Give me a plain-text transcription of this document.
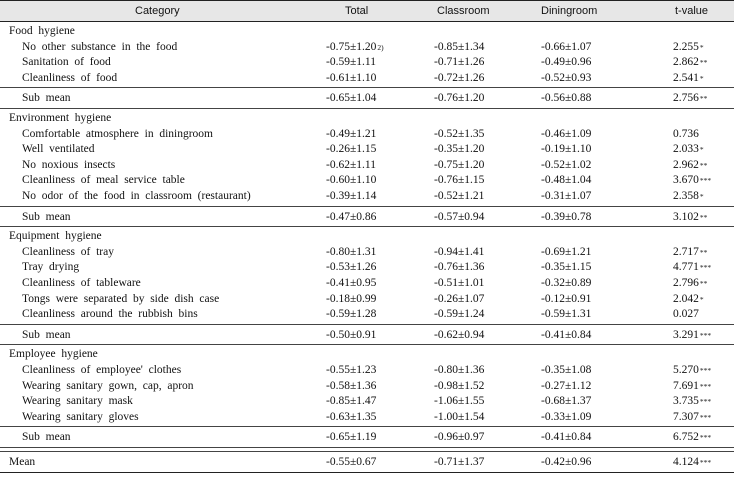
Category	Total	Classroom	Diningroom	t-value
Food  hygiene
No  other  substance  in  the  food	-0.75±1.20 2)	-0.85±1.34	-0.66±1.07	2.255 *
Sanitation  of  food	-0.59±1.11	-0.71±1.26	-0.49±0.96	2.862 **
Cleanliness  of  food	-0.61±1.10	-0.72±1.26	-0.52±0.93	2.541 *
Sub  mean	-0.65±1.04	-0.76±1.20	-0.56±0.88	2.756 **
Environment  hygiene
Comfortable  atmosphere  in  diningroom	-0.49±1.21	-0.52±1.35	-0.46±1.09	0.736
Well  ventilated	-0.26±1.15	-0.35±1.20	-0.19±1.10	2.033 *
No  noxious  insects	-0.62±1.11	-0.75±1.20	-0.52±1.02	2.962 **
Cleanliness  of  meal  service  table	-0.60±1.10	-0.76±1.15	-0.48±1.04	3.670 ***
No  odor  of  the  food  in  classroom  (restaurant)	-0.39±1.14	-0.52±1.21	-0.31±1.07	2.358 *
Sub  mean	-0.47±0.86	-0.57±0.94	-0.39±0.78	3.102 **
Equipment  hygiene
Cleanliness  of  tray	-0.80±1.31	-0.94±1.41	-0.69±1.21	2.717 **
Tray  drying	-0.53±1.26	-0.76±1.36	-0.35±1.15	4.771 ***
Cleanliness  of  tableware	-0.41±0.95	-0.51±1.01	-0.32±0.89	2.796 **
Tongs  were  separated  by  side  dish  case	-0.18±0.99	-0.26±1.07	-0.12±0.91	2.042 *
Cleanliness  around  the  rubbish  bins	-0.59±1.28	-0.59±1.24	-0.59±1.31	0.027
Sub  mean	-0.50±0.91	-0.62±0.94	-0.41±0.84	3.291 ***
Employee  hygiene
Cleanliness  of  employee'  clothes	-0.55±1.23	-0.80±1.36	-0.35±1.08	5.270 ***
Wearing  sanitary  gown,  cap,  apron	-0.58±1.36	-0.98±1.52	-0.27±1.12	7.691 ***
Wearing  sanitary  mask	-0.85±1.47	-1.06±1.55	-0.68±1.37	3.735 ***
Wearing  sanitary  gloves	-0.63±1.35	-1.00±1.54	-0.33±1.09	7.307 ***
Sub  mean	-0.65±1.19	-0.96±0.97	-0.41±0.84	6.752 ***
Mean	-0.55±0.67	-0.71±1.37	-0.42±0.96	4.124 ***
